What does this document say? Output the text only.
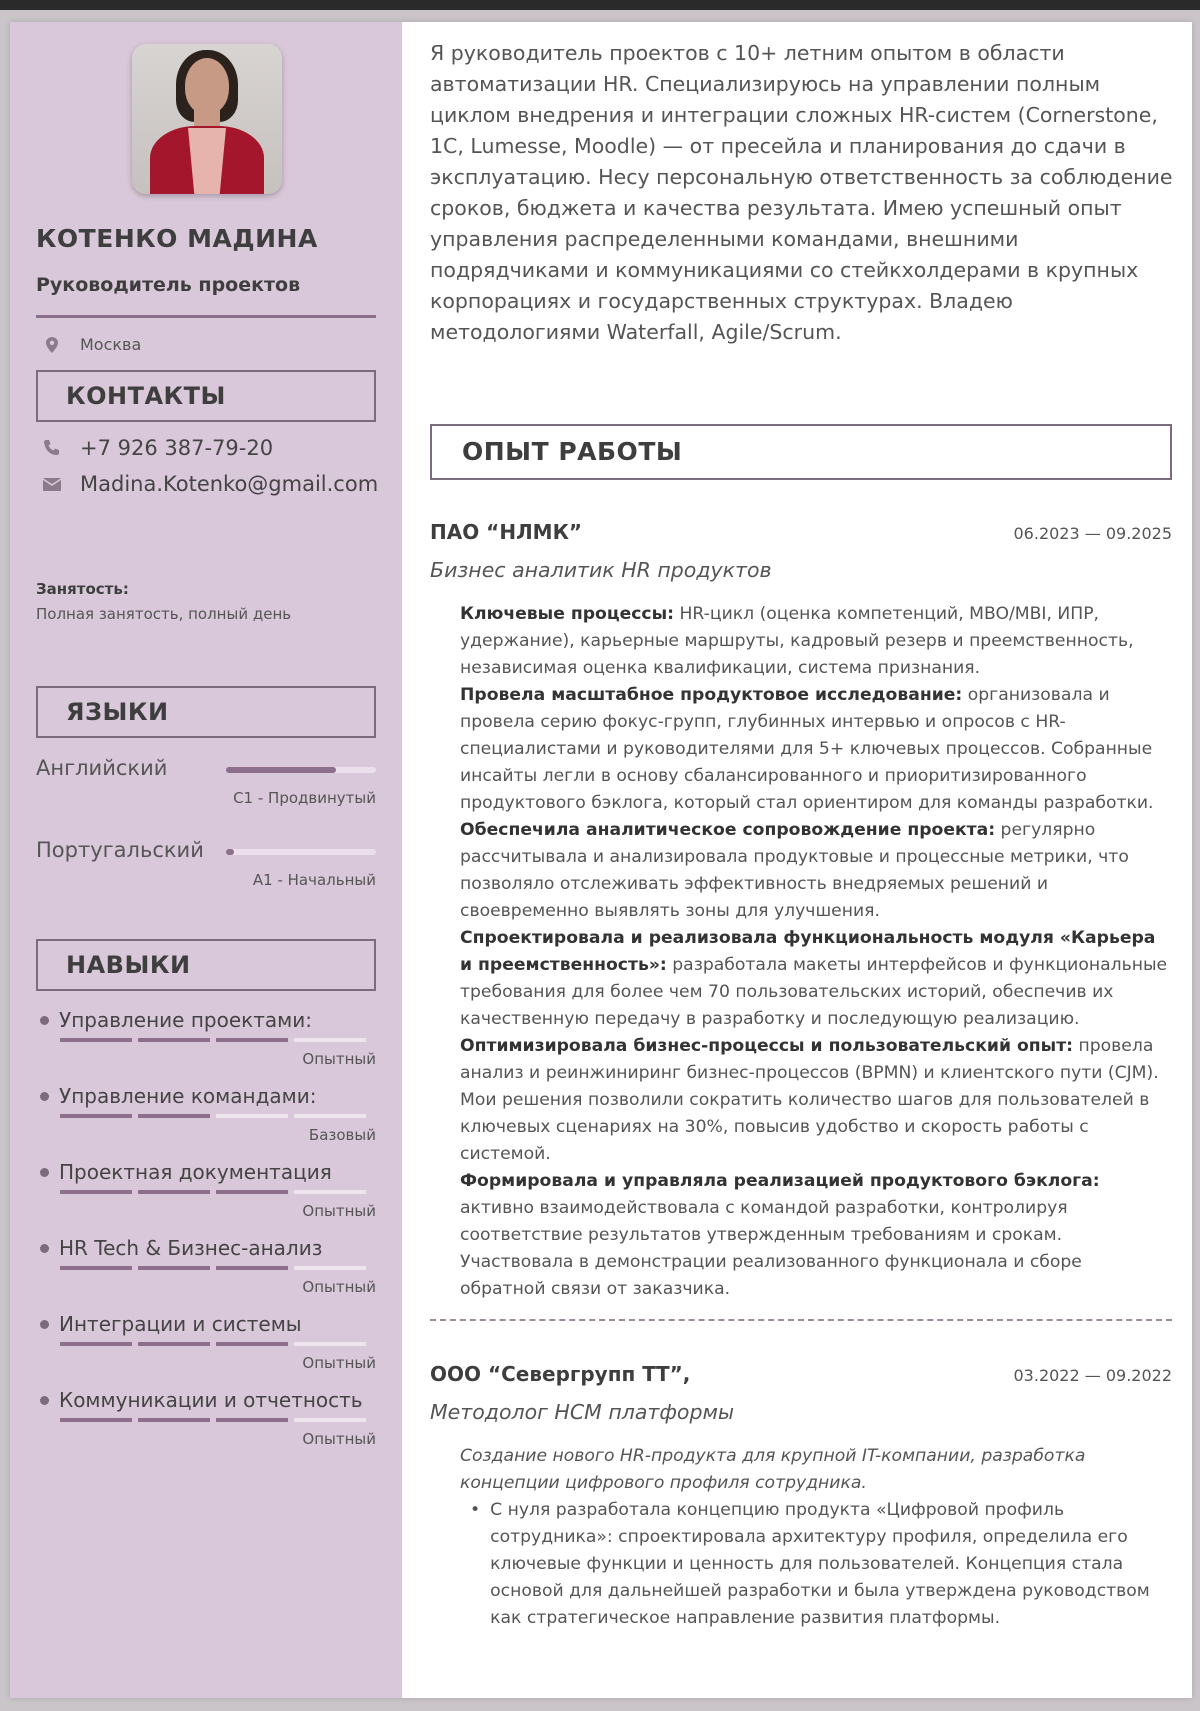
КОТЕНКО МАДИНА
Руководитель проектов
Москва
КОНТАКТЫ
+7 926 387-79-20
Madina.Kotenko@gmail.com
Занятость:
Полная занятость, полный день
ЯЗЫКИ
Английский
C1 - Продвинутый
Португальский
A1 - Начальный
НАВЫКИ
Управление проектами:
Опытный
Управление командами:
Базовый
Проектная документация
Опытный
HR Tech & Бизнес-анализ
Опытный
Интеграции и системы
Опытный
Коммуникации и отчетность
Опытный

Я руководитель проектов с 10+ летним опытом в области автоматизации HR. Специализируюсь на управлении полным циклом внедрения и интеграции сложных HR-систем (Cornerstone, 1C, Lumesse, Moodle) — от пресейла и планирования до сдачи в эксплуатацию. Несу персональную ответственность за соблюдение сроков, бюджета и качества результата. Имею успешный опыт управления распределенными командами, внешними подрядчиками и коммуникациями со стейкхолдерами в крупных корпорациях и государственных структурах. Владею методологиями Waterfall, Agile/Scrum.

ОПЫТ РАБОТЫ
ПАО “НЛМК”	06.2023 — 09.2025
Бизнес аналитик HR продуктов

Ключевые процессы: HR-цикл (оценка компетенций, MBO/MBI, ИПР, удержание), карьерные маршруты, кадровый резерв и преемственность, независимая оценка квалификации, система признания.

Провела масштабное продуктовое исследование: организовала и провела серию фокус-групп, глубинных интервью и опросов с HR-специалистами и руководителями для 5+ ключевых процессов. Собранные инсайты легли в основу сбалансированного и приоритизированного продуктового бэклога, который стал ориентиром для команды разработки.

Обеспечила аналитическое сопровождение проекта: регулярно рассчитывала и анализировала продуктовые и процессные метрики, что позволяло отслеживать эффективность внедряемых решений и своевременно выявлять зоны для улучшения.

Спроектировала и реализовала функциональность модуля «Карьера и преемственность»: разработала макеты интерфейсов и функциональные требования для более чем 70 пользовательских историй, обеспечив их качественную передачу в разработку и последующую реализацию.

Оптимизировала бизнес-процессы и пользовательский опыт: провела анализ и реинжиниринг бизнес-процессов (BPMN) и клиентского пути (CJM). Мои решения позволили сократить количество шагов для пользователей в ключевых сценариях на 30%, повысив удобство и скорость работы с системой.

Формировала и управляла реализацией продуктового бэклога: активно взаимодействовала с командой разработки, контролируя соответствие результатов утвержденным требованиям и срокам. Участвовала в демонстрации реализованного функционала и сборе обратной связи от заказчика.

ООО “Севергрупп ТТ”,	03.2022 — 09.2022
Методолог HCM платформы

Создание нового HR-продукта для крупной IT-компании, разработка концепции цифрового профиля сотрудника.

• С нуля разработала концепцию продукта «Цифровой профиль сотрудника»: спроектировала архитектуру профиля, определила его ключевые функции и ценность для пользователей. Концепция стала основой для дальнейшей разработки и была утверждена руководством как стратегическое направление развития платформы.
